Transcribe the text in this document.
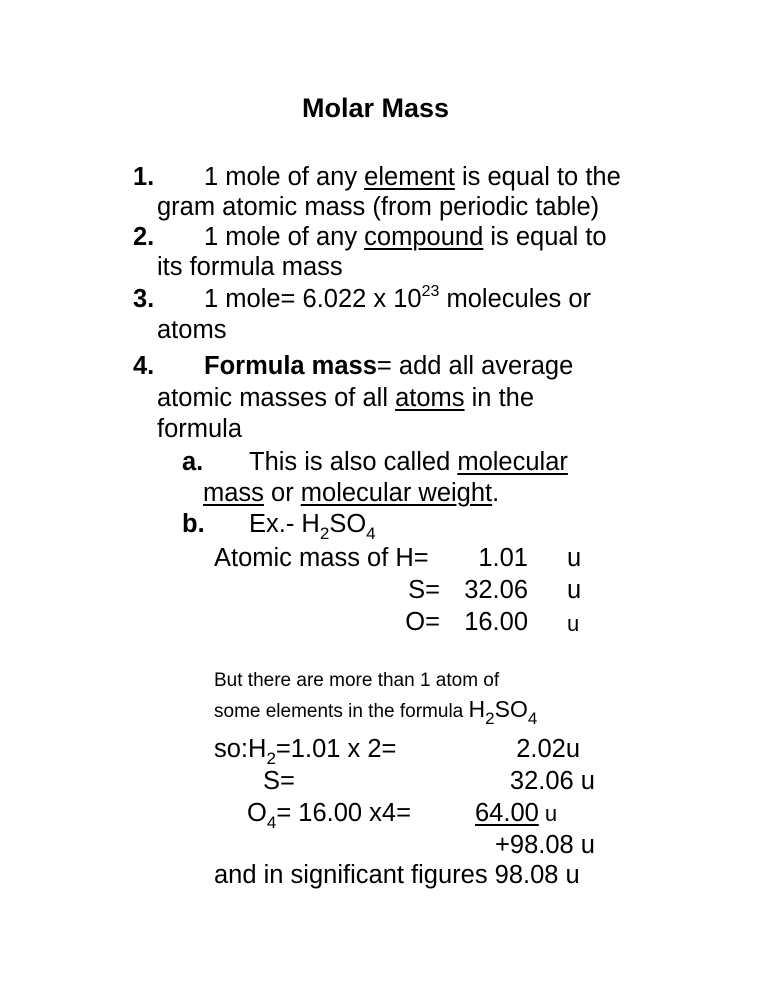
Molar Mass
1. 1 mole of any element is equal to the
gram atomic mass (from periodic table)
2. 1 mole of any compound is equal to
its formula mass
3. 1 mole= 6.022 x $10^{23}$ molecules or
atoms
4. Formula mass= add all average
atomic masses of all atoms in the
formula
a. This is also called molecular
mass or molecular weight.
b. Ex.- $H_2SO_4$
Atomic mass of H=	1.01 u
S= 32.06 u
O= 16.00 u
But there are more than 1 atom of
some elements in the formula $H_2SO_4$
$so:H_2=1.01$ x 2=	2.02u
S=	32.06 u
$O_4= 16.00$ x4=	64.00 u
+98.08 u
and in significant figures 98.08 u
